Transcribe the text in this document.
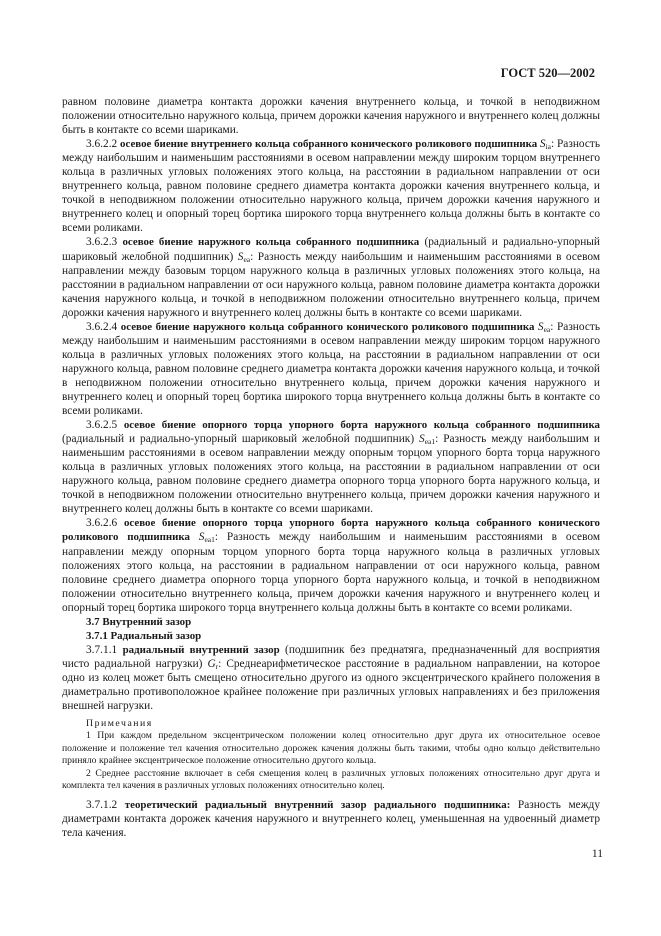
ГОСТ 520—2002

равном половине диаметра контакта дорожки качения внутреннего кольца, и точкой в неподвижном положении относительно наружного кольца, причем дорожки качения наружного и внутреннего колец должны быть в контакте со всеми шариками.

3.6.2.2 осевое биение внутреннего кольца собранного конического роликового подшипника $S_{ia}$: Разность между наибольшим и наименьшим расстояниями в осевом направлении между широким торцом внутреннего кольца в различных угловых положениях этого кольца, на расстоянии в радиальном направлении от оси внутреннего кольца, равном половине среднего диаметра контакта дорожки качения внутреннего кольца, и точкой в неподвижном положении относительно наружного кольца, причем дорожки качения наружного и внутреннего колец и опорный торец бортика широкого торца внутреннего кольца должны быть в контакте со всеми роликами.

3.6.2.3 осевое биение наружного кольца собранного подшипника (радиальный и радиально-упорный шариковый желобной подшипник) $S_{ea}$: Разность между наибольшим и наименьшим расстояниями в осевом направлении между базовым торцом наружного кольца в различных угловых положениях этого кольца, на расстоянии в радиальном направлении от оси наружного кольца, равном половине диаметра контакта дорожки качения наружного кольца, и точкой в неподвижном положении относительно внутреннего кольца, причем дорожки качения наружного и внутреннего колец должны быть в контакте со всеми шариками.

3.6.2.4 осевое биение наружного кольца собранного конического роликового подшипника $S_{ea}$: Разность между наибольшим и наименьшим расстояниями в осевом направлении между широким торцом наружного кольца в различных угловых положениях этого кольца, на расстоянии в радиальном направлении от оси наружного кольца, равном половине среднего диаметра контакта дорожки качения наружного кольца, и точкой в неподвижном положении относительно внутреннего кольца, причем дорожки качения наружного и внутреннего колец и опорный торец бортика широкого торца внутреннего кольца должны быть в контакте со всеми роликами.

3.6.2.5 осевое биение опорного торца упорного борта наружного кольца собранного подшипника (радиальный и радиально-упорный шариковый желобной подшипник) $S_{ea1}$: Разность между наибольшим и наименьшим расстояниями в осевом направлении между опорным торцом упорного борта торца наружного кольца в различных угловых положениях этого кольца, на расстоянии в радиальном направлении от оси наружного кольца, равном половине среднего диаметра опорного торца упорного борта наружного кольца, и точкой в неподвижном положении относительно внутреннего кольца, причем дорожки качения наружного и внутреннего колец должны быть в контакте со всеми шариками.

3.6.2.6 осевое биение опорного торца упорного борта наружного кольца собранного конического роликового подшипника $S_{ea1}$: Разность между наибольшим и наименьшим расстояниями в осевом направлении между опорным торцом упорного борта торца наружного кольца в различных угловых положениях этого кольца, на расстоянии в радиальном направлении от оси наружного кольца, равном половине среднего диаметра опорного торца упорного борта наружного кольца, и точкой в неподвижном положении относительно внутреннего кольца, причем дорожки качения наружного и внутреннего колец и опорный торец бортика широкого торца внутреннего кольца должны быть в контакте со всеми роликами.

3.7 Внутренний зазор

3.7.1 Радиальный зазор

3.7.1.1 радиальный внутренний зазор (подшипник без преднатяга, предназначенный для восприятия чисто радиальной нагрузки) $G_r$: Среднеарифметическое расстояние в радиальном направлении, на которое одно из колец может быть смещено относительно другого из одного эксцентрического крайнего положения в диаметрально противоположное крайнее положение при различных угловых направлениях и без приложения внешней нагрузки.

Примечания

1 При каждом предельном эксцентрическом положении колец относительно друг друга их относительное осевое положение и положение тел качения относительно дорожек качения должны быть такими, чтобы одно кольцо действительно приняло крайнее эксцентрическое положение относительно другого кольца.

2 Среднее расстояние включает в себя смещения колец в различных угловых положениях относительно друг друга и комплекта тел качения в различных угловых положениях относительно колец.

3.7.1.2 теоретический радиальный внутренний зазор радиального подшипника: Разность между диаметрами контакта дорожек качения наружного и внутреннего колец, уменьшенная на удвоенный диаметр тела качения.

11
